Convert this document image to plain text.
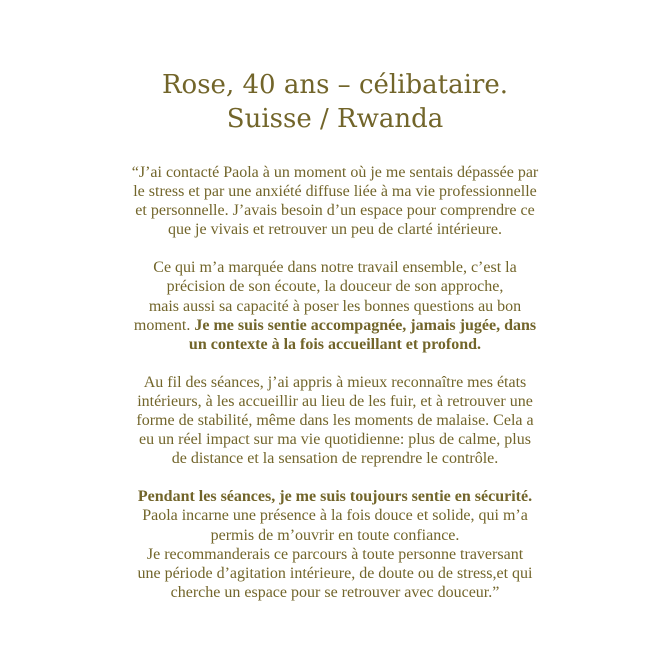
Rose, 40 ans – célibataire.
Suisse / Rwanda

“J’ai contacté Paola à un moment où je me sentais dépassée par
le stress et par une anxiété diffuse liée à ma vie professionnelle
et personnelle. J’avais besoin d’un espace pour comprendre ce
que je vivais et retrouver un peu de clarté intérieure.

Ce qui m’a marquée dans notre travail ensemble, c’est la
précision de son écoute, la douceur de son approche,
mais aussi sa capacité à poser les bonnes questions au bon
moment. Je me suis sentie accompagnée, jamais jugée, dans
un contexte à la fois accueillant et profond.

Au fil des séances, j’ai appris à mieux reconnaître mes états
intérieurs, à les accueillir au lieu de les fuir, et à retrouver une
forme de stabilité, même dans les moments de malaise. Cela a
eu un réel impact sur ma vie quotidienne: plus de calme, plus
de distance et la sensation de reprendre le contrôle.

Pendant les séances, je me suis toujours sentie en sécurité.
Paola incarne une présence à la fois douce et solide, qui m’a
permis de m’ouvrir en toute confiance.
Je recommanderais ce parcours à toute personne traversant
une période d’agitation intérieure, de doute ou de stress,et qui
cherche un espace pour se retrouver avec douceur.”
